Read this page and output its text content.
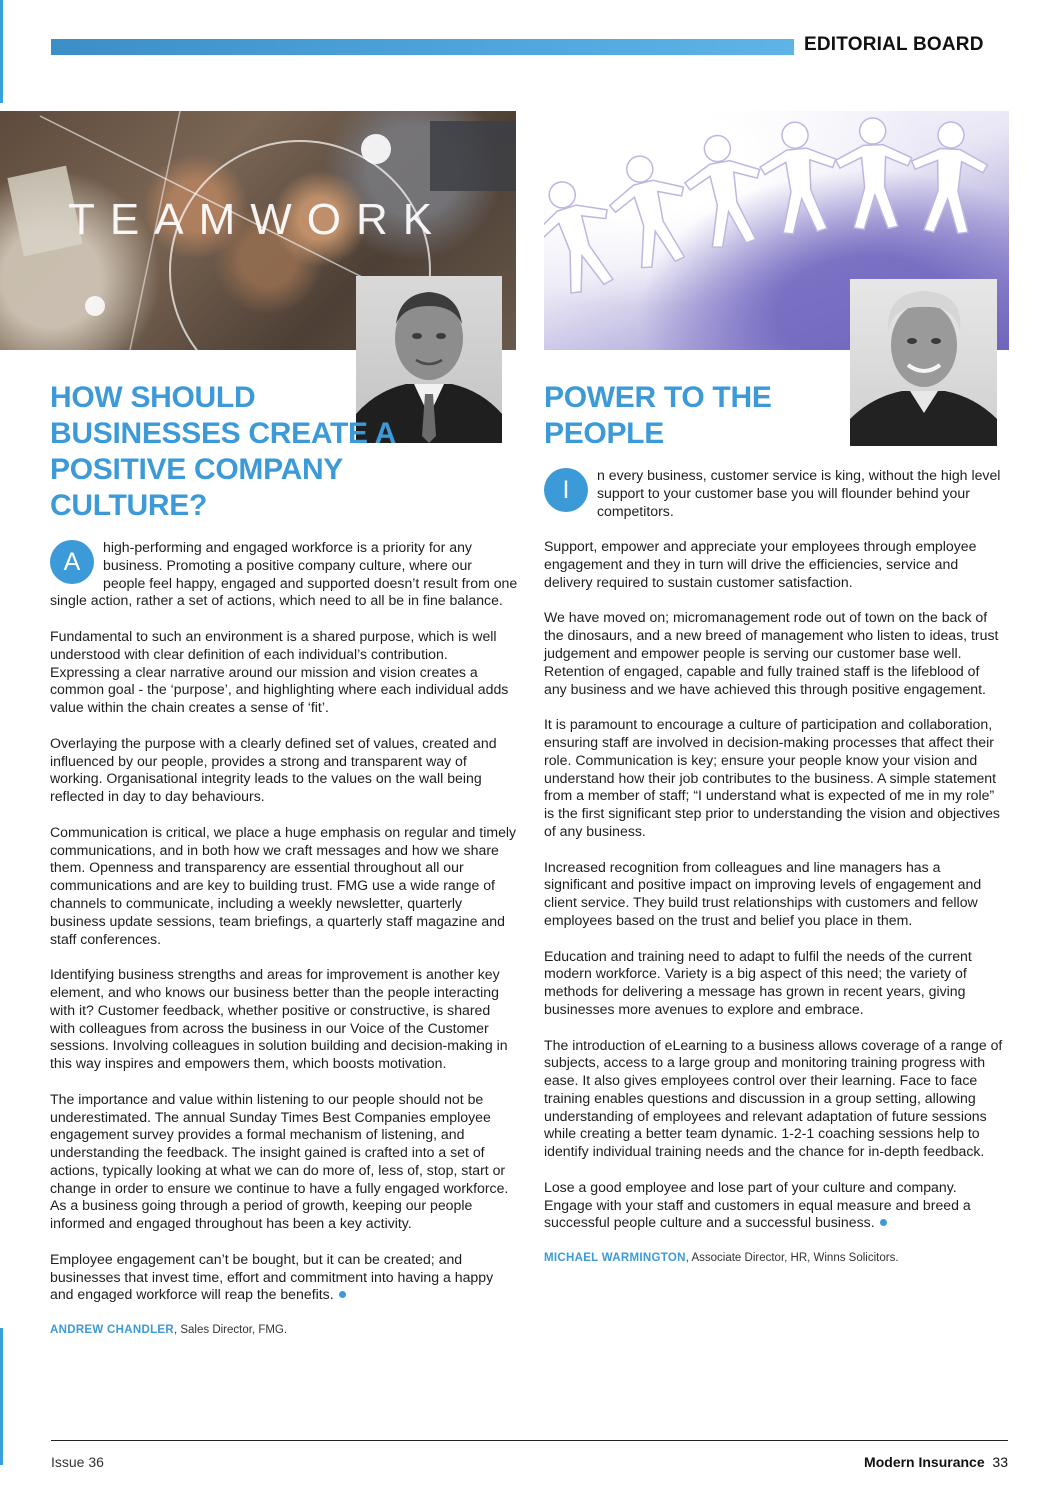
EDITORIAL BOARD
TEAMWORK
HOW SHOULD BUSINESSES CREATE A POSITIVE COMPANY CULTURE?
POWER TO THE PEOPLE

A
high-performing and engaged workforce is a priority for any business. Promoting a positive company culture, where our people feel happy, engaged and supported doesn’t result from one single action, rather a set of actions, which need to all be in fine balance.

Fundamental to such an environment is a shared purpose, which is well understood with clear definition of each individual’s contribution. Expressing a clear narrative around our mission and vision creates a common goal - the ‘purpose’, and highlighting where each individual adds value within the chain creates a sense of ‘fit’.

Overlaying the purpose with a clearly defined set of values, created and influenced by our people, provides a strong and transparent way of working. Organisational integrity leads to the values on the wall being reflected in day to day behaviours.

Communication is critical, we place a huge emphasis on regular and timely communications, and in both how we craft messages and how we share them. Openness and transparency are essential throughout all our communications and are key to building trust. FMG use a wide range of channels to communicate, including a weekly newsletter, quarterly business update sessions, team briefings, a quarterly staff magazine and staff conferences.

Identifying business strengths and areas for improvement is another key element, and who knows our business better than the people interacting with it? Customer feedback, whether positive or constructive, is shared with colleagues from across the business in our Voice of the Customer sessions. Involving colleagues in solution building and decision-making in this way inspires and empowers them, which boosts motivation.

The importance and value within listening to our people should not be underestimated. The annual Sunday Times Best Companies employee engagement survey provides a formal mechanism of listening, and understanding the feedback. The insight gained is crafted into a set of actions, typically looking at what we can do more of, less of, stop, start or change in order to ensure we continue to have a fully engaged workforce. As a business going through a period of growth, keeping our people informed and engaged throughout has been a key activity.

Employee engagement can’t be bought, but it can be created; and businesses that invest time, effort and commitment into having a happy and engaged workforce will reap the benefits.

ANDREW CHANDLER, Sales Director, FMG.

I
n every business, customer service is king, without the high level support to your customer base you will flounder behind your competitors.

Support, empower and appreciate your employees through employee engagement and they in turn will drive the efficiencies, service and delivery required to sustain customer satisfaction.

We have moved on; micromanagement rode out of town on the back of the dinosaurs, and a new breed of management who listen to ideas, trust judgement and empower people is serving our customer base well. Retention of engaged, capable and fully trained staff is the lifeblood of any business and we have achieved this through positive engagement.

It is paramount to encourage a culture of participation and collaboration, ensuring staff are involved in decision-making processes that affect their role. Communication is key; ensure your people know your vision and understand how their job contributes to the business. A simple statement from a member of staff; “I understand what is expected of me in my role” is the first significant step prior to understanding the vision and objectives of any business.

Increased recognition from colleagues and line managers has a significant and positive impact on improving levels of engagement and client service. They build trust relationships with customers and fellow employees based on the trust and belief you place in them.

Education and training need to adapt to fulfil the needs of the current modern workforce. Variety is a big aspect of this need; the variety of methods for delivering a message has grown in recent years, giving businesses more avenues to explore and embrace.

The introduction of eLearning to a business allows coverage of a range of subjects, access to a large group and monitoring training progress with ease. It also gives employees control over their learning. Face to face training enables questions and discussion in a group setting, allowing understanding of employees and relevant adaptation of future sessions while creating a better team dynamic. 1-2-1 coaching sessions help to identify individual training needs and the chance for in-depth feedback.

Lose a good employee and lose part of your culture and company. Engage with your staff and customers in equal measure and breed a successful people culture and a successful business.

MICHAEL WARMINGTON, Associate Director, HR, Winns Solicitors.
Issue 36	Modern Insurance 33
